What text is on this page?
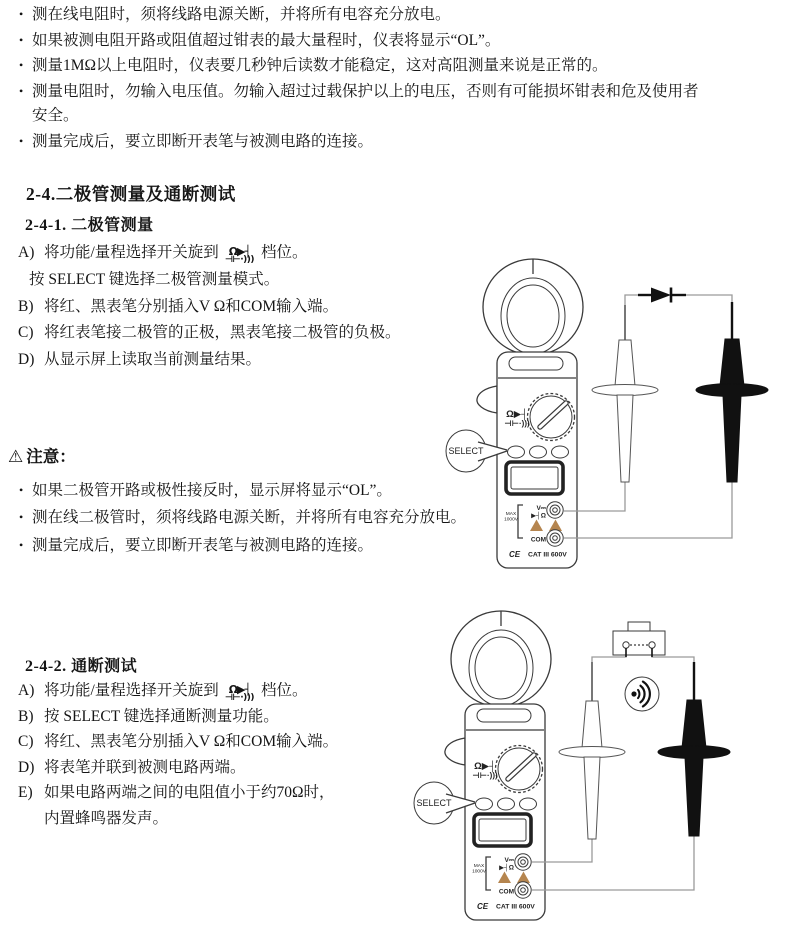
Ω▶┤
⊣⊢·)))
SELECT
V⎓
▶┤Ω
MAX
1000V
COM
CE CAT III 600V
• 测在线电阻时，须将线路电源关断，并将所有电容充分放电。
• 如果被测电阻开路或阻值超过钳表的最大量程时，仪表将显示“OL”。
• 测量1MΩ以上电阻时，仪表要几秒钟后读数才能稳定，这对高阻测量来说是正常的。
• 测量电阻时，勿输入电压值。勿输入超过过载保护以上的电压，否则有可能损坏钳表和危及使用者安全。
• 测量完成后，要立即断开表笔与被测电路的连接。
2-4.二极管测量及通断测试
2-4-1. 二极管测量
A) 将功能/量程选择开关旋到 Ω▶┤
⊣⊢·))) 档位。
按 SELECT 键选择二极管测量模式。
B) 将红、黑表笔分别插入V Ω和COM输入端。
C) 将红表笔接二极管的正极，黑表笔接二极管的负极。
D) 从显示屏上读取当前测量结果。
⚠ 注意：
• 如果二极管开路或极性接反时，显示屏将显示“OL”。
• 测在线二极管时，须将线路电源关断，并将所有电容充分放电。
• 测量完成后，要立即断开表笔与被测电路的连接。
2-4-2. 通断测试
A) 将功能/量程选择开关旋到 Ω▶┤
⊣⊢·))) 档位。
B) 按 SELECT 键选择通断测量功能。
C) 将红、黑表笔分别插入V Ω和COM输入端。
D) 将表笔并联到被测电路两端。
E) 如果电路两端之间的电阻值小于约70Ω时，
内置蜂鸣器发声。
